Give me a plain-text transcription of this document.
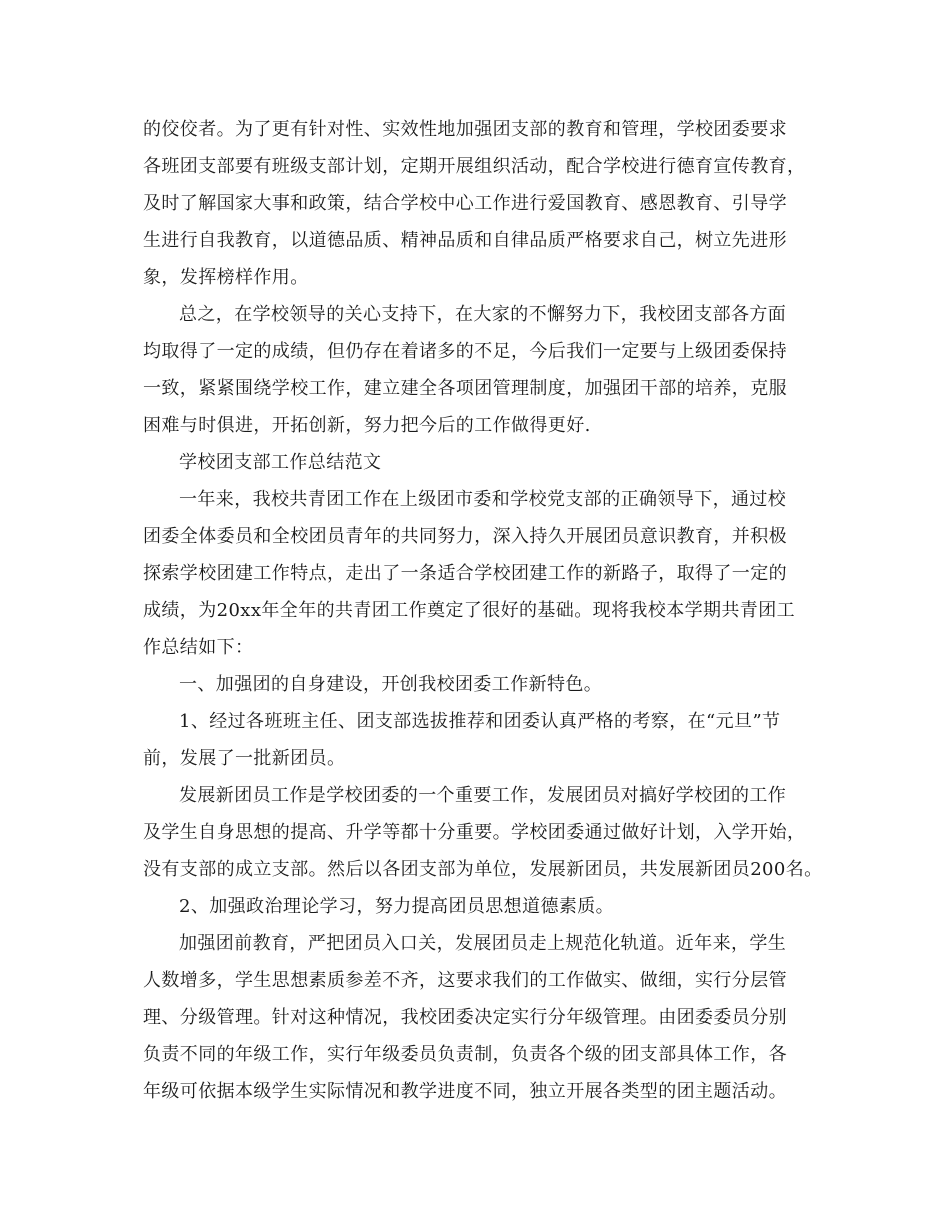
的佼佼者。为了更有针对性、实效性地加强团支部的教育和管理，学校团委要求
各班团支部要有班级支部计划，定期开展组织活动，配合学校进行德育宣传教育，
及时了解国家大事和政策，结合学校中心工作进行爱国教育、感恩教育、引导学
生进行自我教育，以道德品质、精神品质和自律品质严格要求自己，树立先进形
象，发挥榜样作用。
总之，在学校领导的关心支持下，在大家的不懈努力下，我校团支部各方面
均取得了一定的成绩，但仍存在着诸多的不足，今后我们一定要与上级团委保持
一致，紧紧围绕学校工作，建立建全各项团管理制度，加强团干部的培养，克服
困难与时俱进，开拓创新，努力把今后的工作做得更好.
学校团支部工作总结范文
一年来，我校共青团工作在上级团市委和学校党支部的正确领导下，通过校
团委全体委员和全校团员青年的共同努力，深入持久开展团员意识教育，并积极
探索学校团建工作特点，走出了一条适合学校团建工作的新路子，取得了一定的
成绩，为20xx年全年的共青团工作奠定了很好的基础。现将我校本学期共青团工
作总结如下：
一、加强团的自身建设，开创我校团委工作新特色。
1、经过各班班主任、团支部选拔推荐和团委认真严格的考察，在“元旦”节
前，发展了一批新团员。
发展新团员工作是学校团委的一个重要工作，发展团员对搞好学校团的工作
及学生自身思想的提高、升学等都十分重要。学校团委通过做好计划，入学开始，
没有支部的成立支部。然后以各团支部为单位，发展新团员，共发展新团员200名。
2、加强政治理论学习，努力提高团员思想道德素质。
加强团前教育，严把团员入口关，发展团员走上规范化轨道。近年来，学生
人数增多，学生思想素质参差不齐，这要求我们的工作做实、做细，实行分层管
理、分级管理。针对这种情况，我校团委决定实行分年级管理。由团委委员分别
负责不同的年级工作，实行年级委员负责制，负责各个级的团支部具体工作，各
年级可依据本级学生实际情况和教学进度不同，独立开展各类型的团主题活动。
